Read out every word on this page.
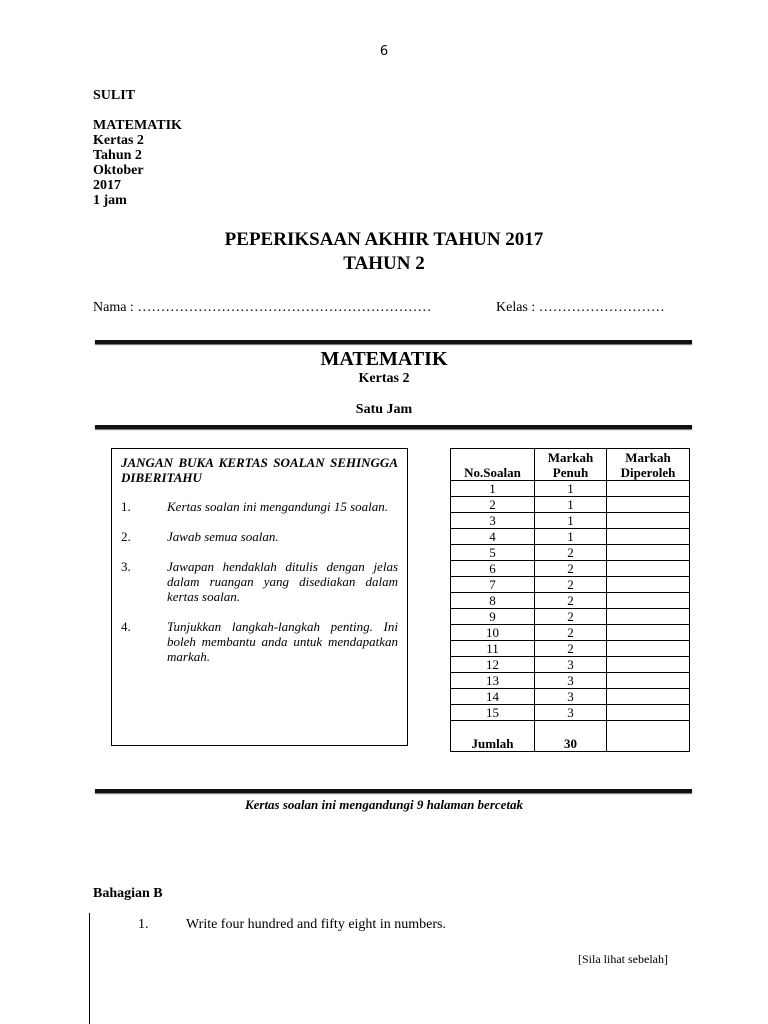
6
SULIT
MATEMATIK
Kertas 2
Tahun 2
Oktober
2017
1 jam
PEPERIKSAAN AKHIR TAHUN 2017
TAHUN 2
Nama : ………………………………………………………	Kelas : ………………………
MATEMATIK
Kertas 2
Satu Jam
JANGAN BUKA KERTAS SOALAN SEHINGGA DIBERITAHU
1.	Kertas soalan ini mengandungi 15 soalan.
2.	Jawab semua soalan.
3.	Jawapan hendaklah ditulis dengan jelas dalam ruangan yang disediakan dalam kertas soalan.
4.	Tunjukkan langkah-langkah penting. Ini boleh membantu anda untuk mendapatkan markah.
No.Soalan	Markah Penuh	Markah Diperoleh
1	1	
2	1	
3	1	
4	1	
5	2	
6	2	
7	2	
8	2	
9	2	
10	2	
11	2	
12	3	
13	3	
14	3	
15	3	
Jumlah	30	
Kertas soalan ini mengandungi 9 halaman bercetak
Bahagian B
1.	Write four hundred and fifty eight in numbers.
[Sila lihat sebelah]
